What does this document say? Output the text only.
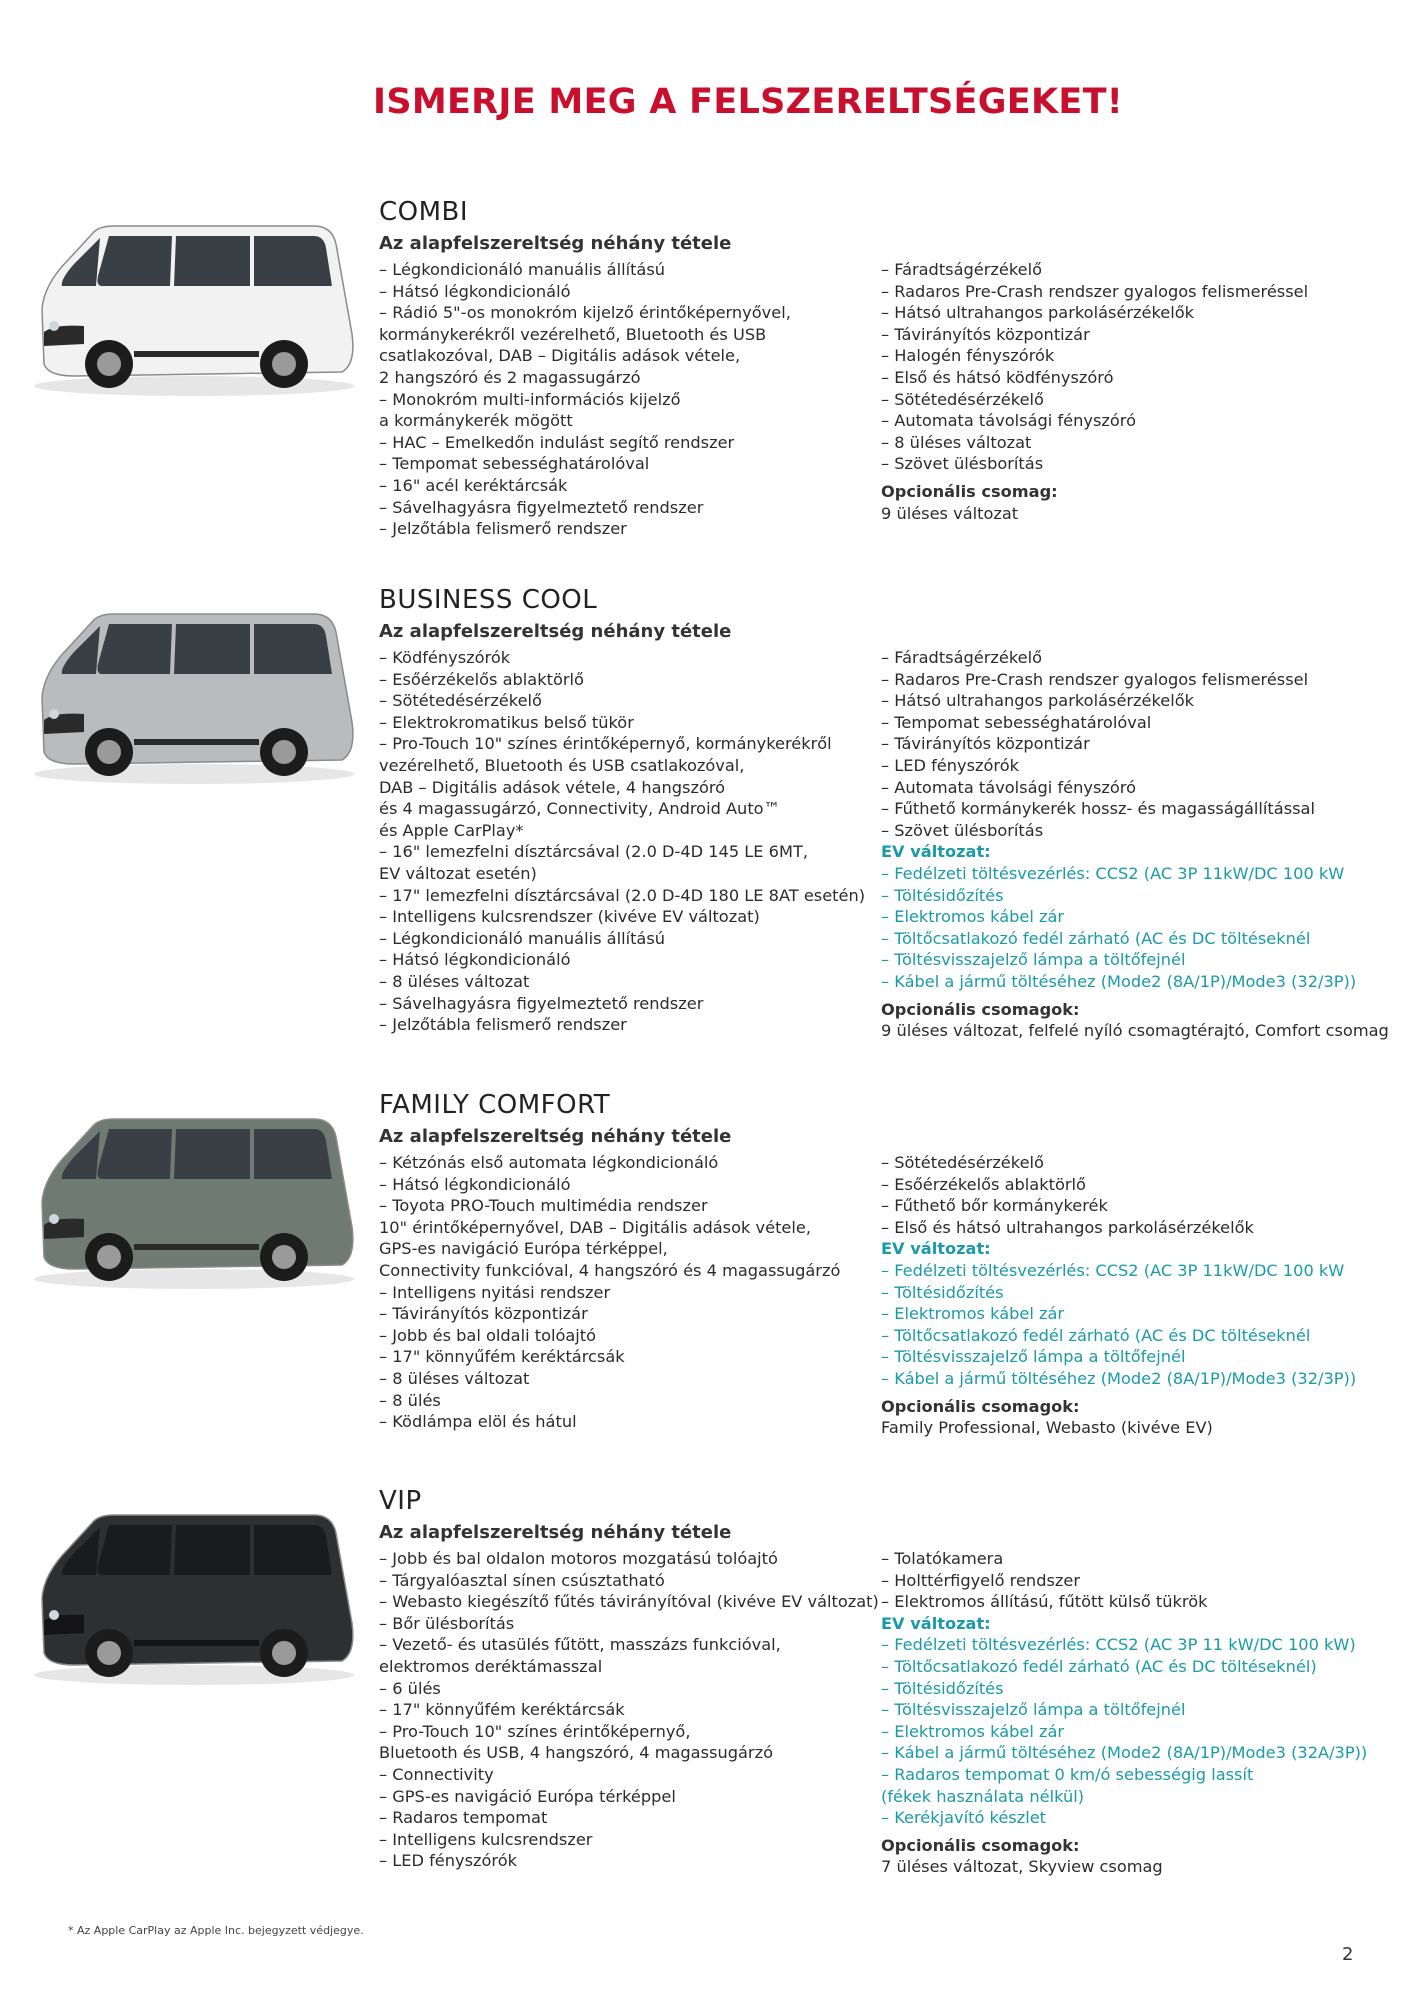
ISMERJE MEG A FELSZERELTSÉGEKET!
COMBI
Az alapfelszereltség néhány tétele
– Légkondicionáló manuális állítású
– Hátsó légkondicionáló
– Rádió 5"-os monokróm kijelző érintőképernyővel,
kormánykerékről vezérelhető, Bluetooth és USB
csatlakozóval, DAB – Digitális adások vétele,
2 hangszóró és 2 magassugárzó
– Monokróm multi-információs kijelző
a kormánykerék mögött
– HAC – Emelkedőn indulást segítő rendszer
– Tempomat sebességhatárolóval
– 16" acél keréktárcsák
– Sávelhagyásra figyelmeztető rendszer
– Jelzőtábla felismerő rendszer
– Fáradtságérzékelő
– Radaros Pre-Crash rendszer gyalogos felismeréssel
– Hátsó ultrahangos parkolásérzékelők
– Távirányítós központizár
– Halogén fényszórók
– Első és hátsó ködfényszóró
– Sötétedésérzékelő
– Automata távolsági fényszóró
– 8 üléses változat
– Szövet ülésborítás
Opcionális csomag:
9 üléses változat
BUSINESS COOL
Az alapfelszereltség néhány tétele
– Ködfényszórók
– Esőérzékelős ablaktörlő
– Sötétedésérzékelő
– Elektrokromatikus belső tükör
– Pro-Touch 10" színes érintőképernyő, kormánykerékről
vezérelhető, Bluetooth és USB csatlakozóval,
DAB – Digitális adások vétele, 4 hangszóró
és 4 magassugárzó, Connectivity, Android Auto™
és Apple CarPlay*
– 16" lemezfelni dísztárcsával (2.0 D-4D 145 LE 6MT,
EV változat esetén)
– 17" lemezfelni dísztárcsával (2.0 D-4D 180 LE 8AT esetén)
– Intelligens kulcsrendszer (kivéve EV változat)
– Légkondicionáló manuális állítású
– Hátsó légkondicionáló
– 8 üléses változat
– Sávelhagyásra figyelmeztető rendszer
– Jelzőtábla felismerő rendszer
– Fáradtságérzékelő
– Radaros Pre-Crash rendszer gyalogos felismeréssel
– Hátsó ultrahangos parkolásérzékelők
– Tempomat sebességhatárolóval
– Távirányítós központizár
– LED fényszórók
– Automata távolsági fényszóró
– Fűthető kormánykerék hossz- és magasságállítással
– Szövet ülésborítás
EV változat:
– Fedélzeti töltésvezérlés: CCS2 (AC 3P 11kW/DC 100 kW
– Töltésidőzítés
– Elektromos kábel zár
– Töltőcsatlakozó fedél zárható (AC és DC töltéseknél
– Töltésvisszajelző lámpa a töltőfejnél
– Kábel a jármű töltéséhez (Mode2 (8A/1P)/Mode3 (32/3P))
Opcionális csomagok:
9 üléses változat, felfelé nyíló csomagtérajtó, Comfort csomag
FAMILY COMFORT
Az alapfelszereltség néhány tétele
– Kétzónás első automata légkondicionáló
– Hátsó légkondicionáló
– Toyota PRO-Touch multimédia rendszer
10" érintőképernyővel, DAB – Digitális adások vétele,
GPS-es navigáció Európa térképpel,
Connectivity funkcióval, 4 hangszóró és 4 magassugárzó
– Intelligens nyitási rendszer
– Távirányítós központizár
– Jobb és bal oldali tolóajtó
– 17" könnyűfém keréktárcsák
– 8 üléses változat
– 8 ülés
– Ködlámpa elöl és hátul
– Sötétedésérzékelő
– Esőérzékelős ablaktörlő
– Fűthető bőr kormánykerék
– Első és hátsó ultrahangos parkolásérzékelők
EV változat:
– Fedélzeti töltésvezérlés: CCS2 (AC 3P 11kW/DC 100 kW
– Töltésidőzítés
– Elektromos kábel zár
– Töltőcsatlakozó fedél zárható (AC és DC töltéseknél
– Töltésvisszajelző lámpa a töltőfejnél
– Kábel a jármű töltéséhez (Mode2 (8A/1P)/Mode3 (32/3P))
Opcionális csomagok:
Family Professional, Webasto (kivéve EV)
VIP
Az alapfelszereltség néhány tétele
– Jobb és bal oldalon motoros mozgatású tolóajtó
– Tárgyalóasztal sínen csúsztatható
– Webasto kiegészítő fűtés távirányítóval (kivéve EV változat)
– Bőr ülésborítás
– Vezető- és utasülés fűtött, masszázs funkcióval,
elektromos deréktámasszal
– 6 ülés
– 17" könnyűfém keréktárcsák
– Pro-Touch 10" színes érintőképernyő,
Bluetooth és USB, 4 hangszóró, 4 magassugárzó
– Connectivity
– GPS-es navigáció Európa térképpel
– Radaros tempomat
– Intelligens kulcsrendszer
– LED fényszórók
– Tolatókamera
– Holttérfigyelő rendszer
– Elektromos állítású, fűtött külső tükrök
EV változat:
– Fedélzeti töltésvezérlés: CCS2 (AC 3P 11 kW/DC 100 kW)
– Töltőcsatlakozó fedél zárható (AC és DC töltéseknél)
– Töltésidőzítés
– Töltésvisszajelző lámpa a töltőfejnél
– Elektromos kábel zár
– Kábel a jármű töltéséhez (Mode2 (8A/1P)/Mode3 (32A/3P))
– Radaros tempomat 0 km/ó sebességig lassít
(fékek használata nélkül)
– Kerékjavító készlet
Opcionális csomagok:
7 üléses változat, Skyview csomag
* Az Apple CarPlay az Apple Inc. bejegyzett védjegye.
2
